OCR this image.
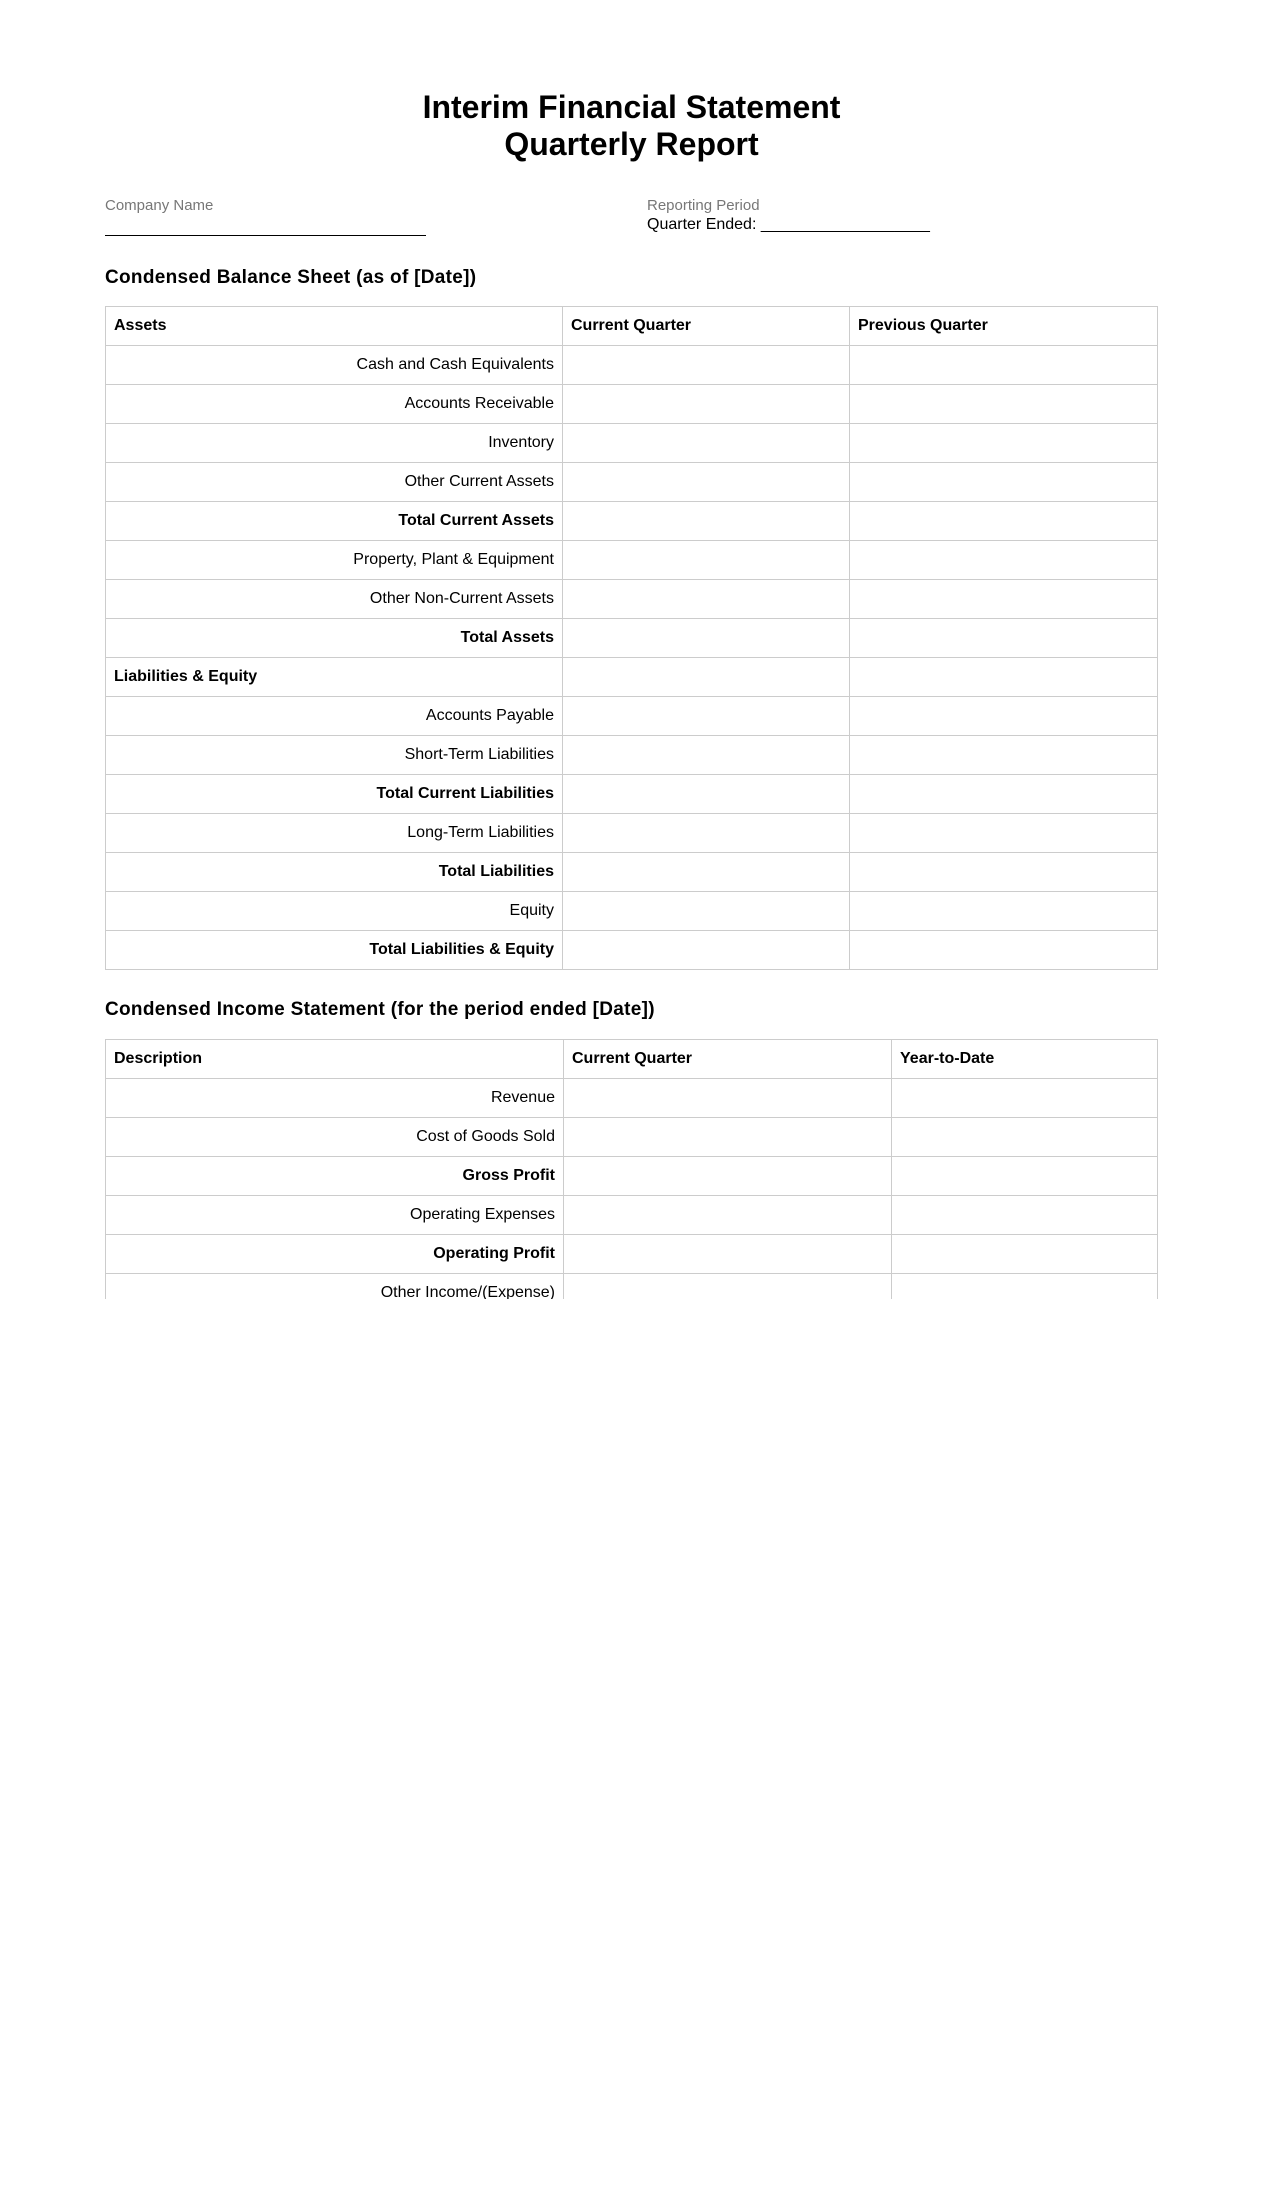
Interim Financial Statement
Quarterly Report
Company Name	Reporting Period
Quarter Ended: ___________________
Condensed Balance Sheet (as of [Date])
Assets	Current Quarter	Previous Quarter
Cash and Cash Equivalents		
Accounts Receivable		
Inventory		
Other Current Assets		
Total Current Assets		
Property, Plant & Equipment		
Other Non-Current Assets		
Total Assets		
Liabilities & Equity		
Accounts Payable		
Short-Term Liabilities		
Total Current Liabilities		
Long-Term Liabilities		
Total Liabilities		
Equity		
Total Liabilities & Equity		
Condensed Income Statement (for the period ended [Date])
Description	Current Quarter	Year-to-Date
Revenue		
Cost of Goods Sold		
Gross Profit		
Operating Expenses		
Operating Profit		
Other Income/(Expense)		
